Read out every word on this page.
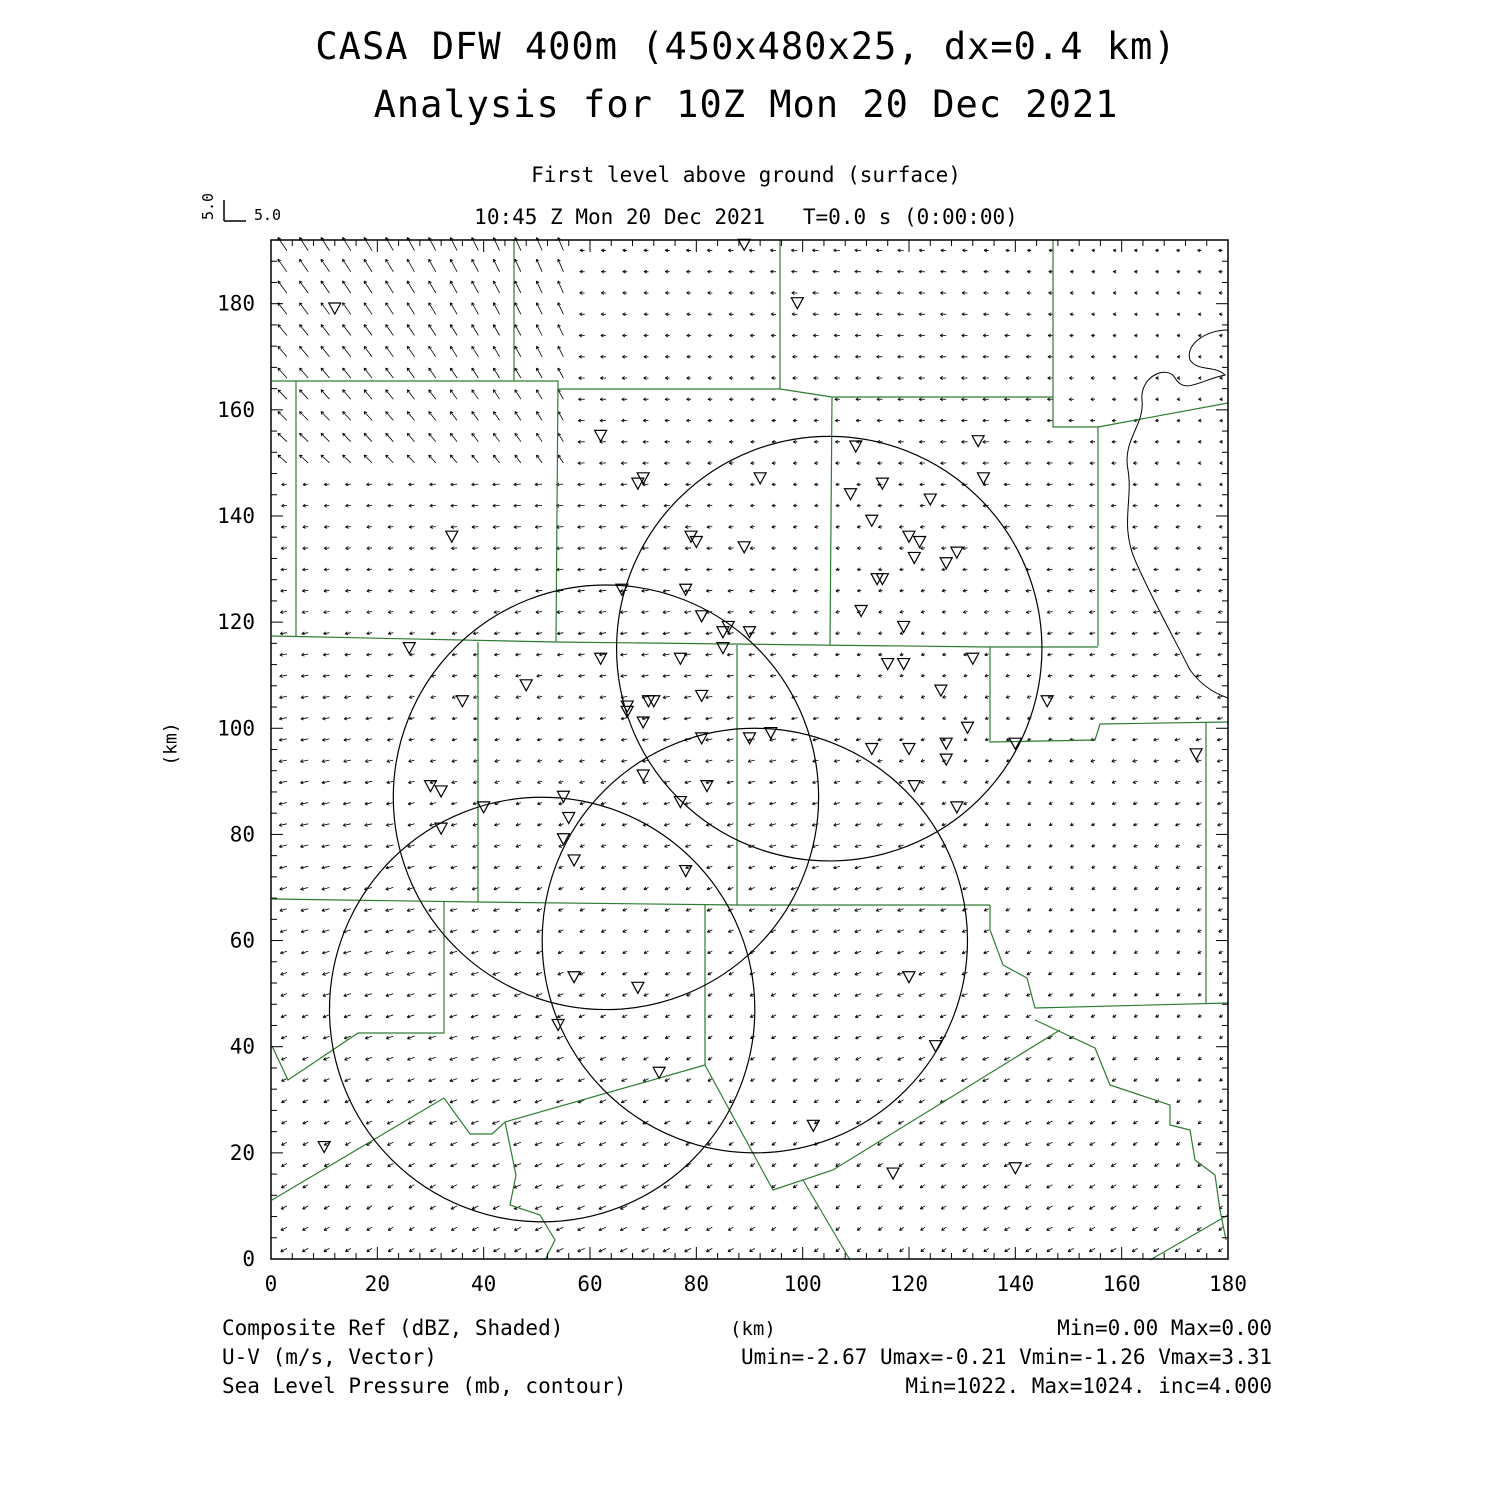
CASA DFW 400m (450x480x25, dx=0.4 km)
Analysis for 10Z Mon 20 Dec 2021
First level above ground (surface)
10:45 Z Mon 20 Dec 2021   T=0.0 s (0:00:00)
(km)
5.0
5.0
0	20	40	60	80	100	120	140	160	180
0
20
40
60
80
100
120
140
160
180
Composite Ref (dBZ, Shaded)	(km)	Min=0.00 Max=0.00
U-V (m/s, Vector)	Umin=-2.67 Umax=-0.21 Vmin=-1.26 Vmax=3.31
Sea Level Pressure (mb, contour)	Min=1022. Max=1024. inc=4.000
